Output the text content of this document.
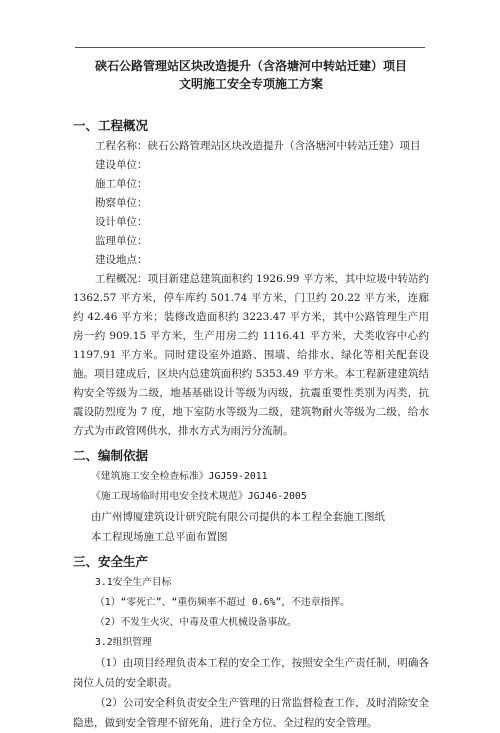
硖石公路管理站区块改造提升（含洛塘河中转站迁建）项目

文明施工安全专项施工方案

一、工程概况

工程名称：硖石公路管理站区块改造提升（含洛塘河中转站迁建）项目

建设单位：

施工单位：

勘察单位：

设计单位：

监理单位：

建设地点：

工程概况：项目新建总建筑面积约 1926.99 平方米，其中垃圾中转站约 1362.57 平方米，停车库约 501.74 平方米，门卫约 20.22 平方米，连廊约 42.46 平方米；装修改造面积约 3223.47 平方米，其中公路管理生产用房一约 909.15 平方米，生产用房二约 1116.41 平方米，犬类收容中心约 1197.91 平方米。同时建设室外道路、围墙、给排水、绿化等相关配套设施。项目建成后，区块内总建筑面积约 5353.49 平方米。本工程新建建筑结构安全等级为二级，地基基础设计等级为丙级，抗震重要性类别为丙类，抗震设防烈度为 7 度，地下室防水等级为二级，建筑物耐火等级为二级，给水方式为市政管网供水，排水方式为雨污分流制。

二、编制依据

《建筑施工安全检查标准》JGJ59-2011

《施工现场临时用电安全技术规范》JGJ46-2005

由广州博厦建筑设计研究院有限公司提供的本工程全套施工图纸

本工程现场施工总平面布置图

三、安全生产

3.1安全生产目标

（1）“零死亡”、“重伤频率不超过 0.6%”，不违章指挥。

（2）不发生火灾、中毒及重大机械设备事故。

3.2组织管理

（1）由项目经理负责本工程的安全工作，按照安全生产责任制，明确各岗位人员的安全职责。

（2）公司安全科负责安全生产管理的日常监督检查工作，及时消除安全隐患，做到安全管理不留死角，进行全方位、全过程的安全管理。
